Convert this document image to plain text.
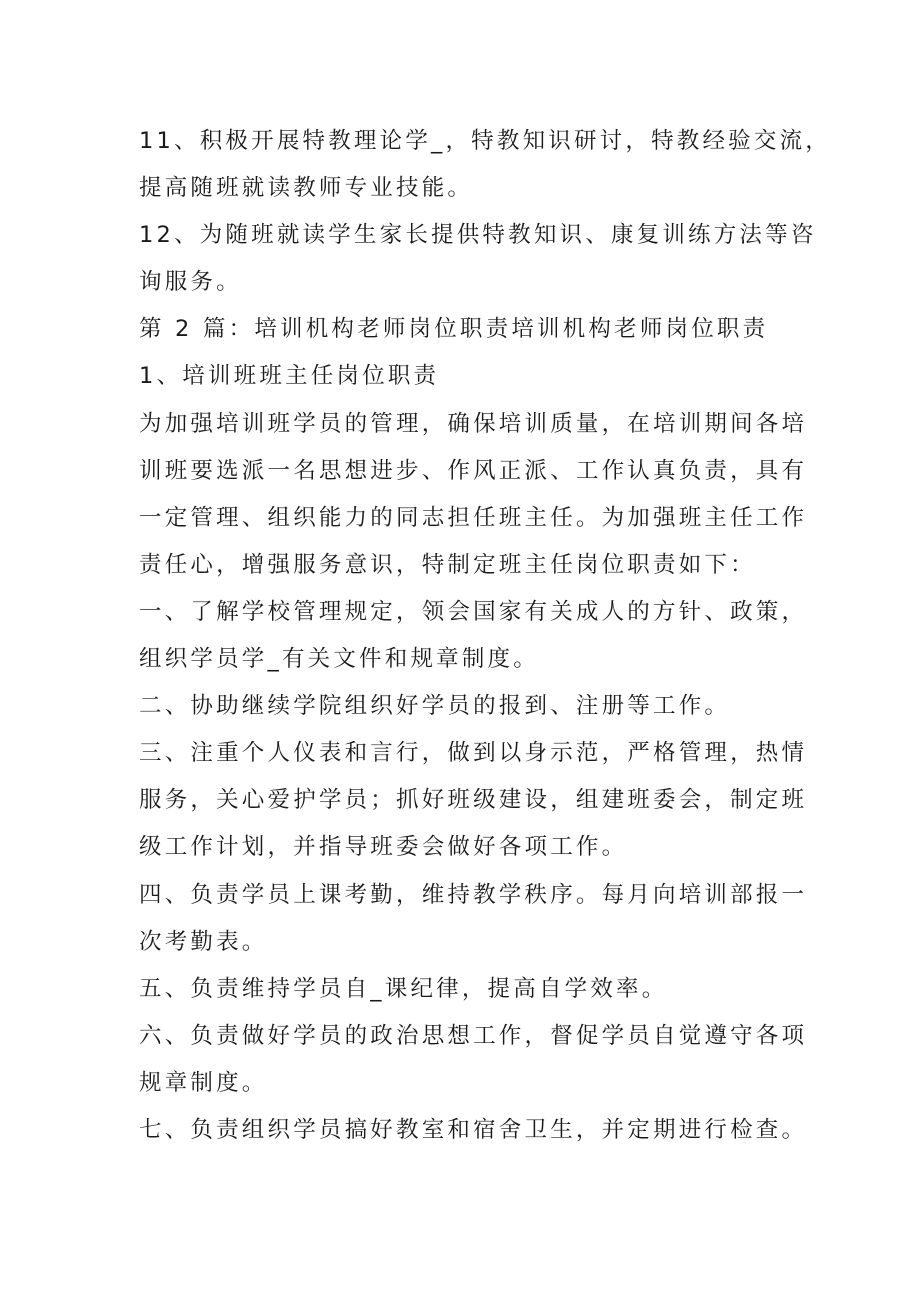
11、积极开展特教理论学_，特教知识研讨，特教经验交流，
提高随班就读教师专业技能。
12、为随班就读学生家长提供特教知识、康复训练方法等咨
询服务。
第 2 篇：培训机构老师岗位职责培训机构老师岗位职责
1、培训班班主任岗位职责
为加强培训班学员的管理，确保培训质量，在培训期间各培
训班要选派一名思想进步、作风正派、工作认真负责，具有
一定管理、组织能力的同志担任班主任。为加强班主任工作
责任心，增强服务意识，特制定班主任岗位职责如下：
一、了解学校管理规定，领会国家有关成人的方针、政策，
组织学员学_有关文件和规章制度。
二、协助继续学院组织好学员的报到、注册等工作。
三、注重个人仪表和言行，做到以身示范，严格管理，热情
服务，关心爱护学员；抓好班级建设，组建班委会，制定班
级工作计划，并指导班委会做好各项工作。
四、负责学员上课考勤，维持教学秩序。每月向培训部报一
次考勤表。
五、负责维持学员自_课纪律，提高自学效率。
六、负责做好学员的政治思想工作，督促学员自觉遵守各项
规章制度。
七、负责组织学员搞好教室和宿舍卫生，并定期进行检查。
